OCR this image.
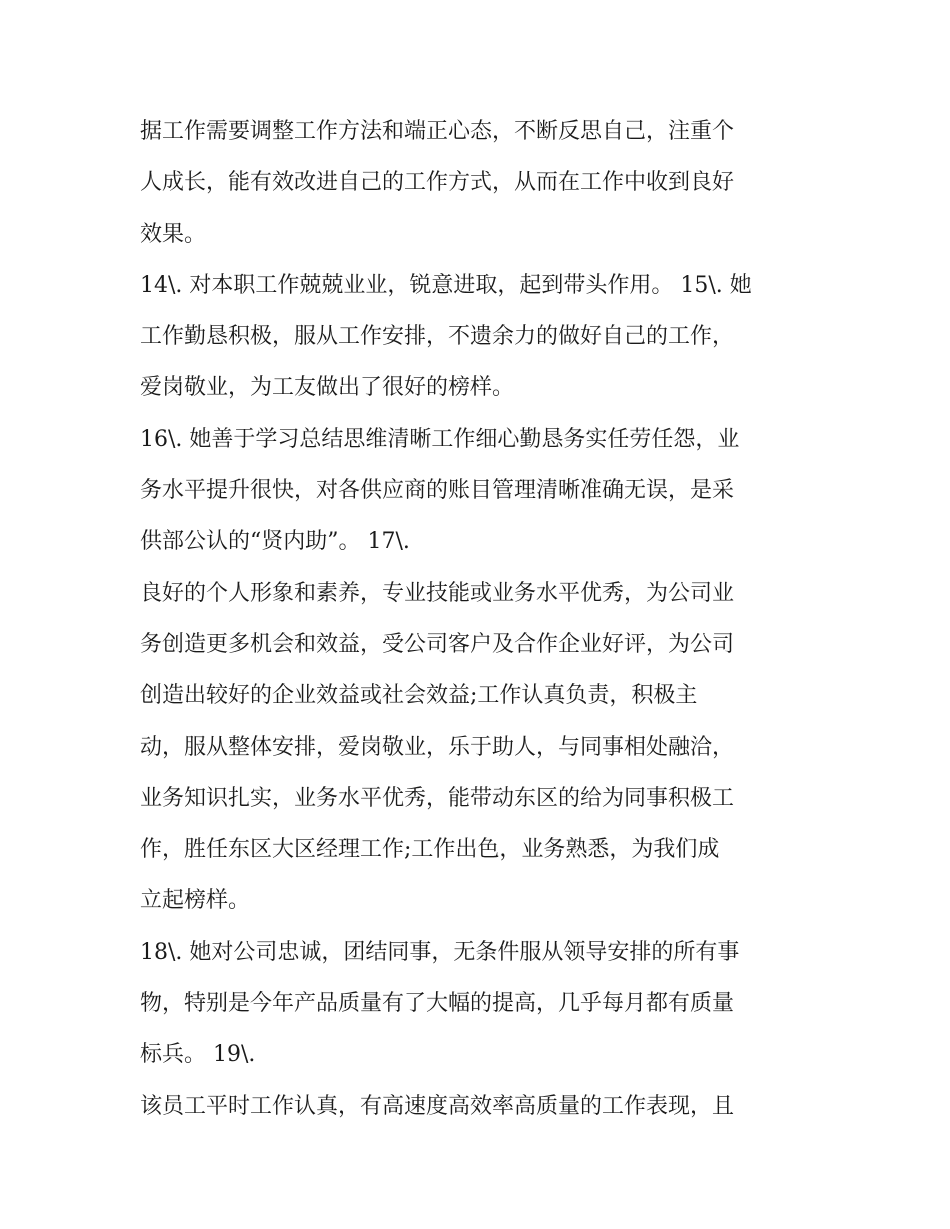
据工作需要调整工作方法和端正心态，不断反思自己，注重个
人成长，能有效改进自己的工作方式，从而在工作中收到良好
效果。
14\. 对本职工作兢兢业业，锐意进取，起到带头作用。 15\. 她
工作勤恳积极，服从工作安排，不遗余力的做好自己的工作，
爱岗敬业，为工友做出了很好的榜样。
16\. 她善于学习总结思维清晰工作细心勤恳务实任劳任怨，业
务水平提升很快，对各供应商的账目管理清晰准确无误，是采
供部公认的“贤内助”。 17\.
良好的个人形象和素养，专业技能或业务水平优秀，为公司业
务创造更多机会和效益，受公司客户及合作企业好评，为公司
创造出较好的企业效益或社会效益;工作认真负责，积极主
动，服从整体安排，爱岗敬业，乐于助人，与同事相处融洽，
业务知识扎实，业务水平优秀，能带动东区的给为同事积极工
作，胜任东区大区经理工作;工作出色，业务熟悉，为我们成
立起榜样。
18\. 她对公司忠诚，团结同事，无条件服从领导安排的所有事
物，特别是今年产品质量有了大幅的提高，几乎每月都有质量
标兵。 19\.
该员工平时工作认真，有高速度高效率高质量的工作表现，且
